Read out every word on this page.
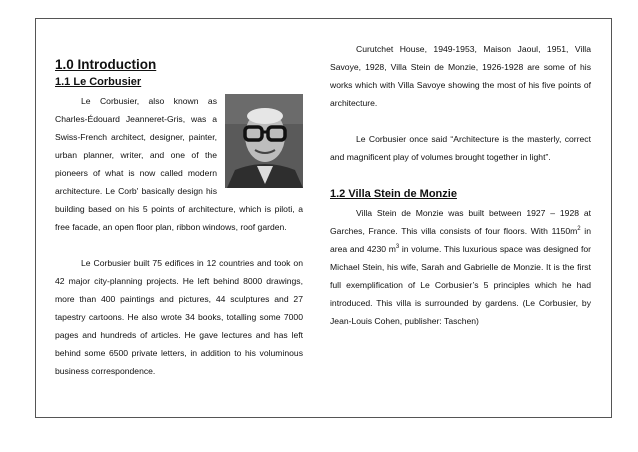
1.0 Introduction
1.1 Le Corbusier

Le Corbusier, also known as Charles-Édouard Jeanneret-Gris, was a Swiss-French architect, designer, painter, urban planner, writer, and one of the pioneers of what is now called modern architecture. Le Corb' basically design his building based on his 5 points of architecture, which is piloti, a free facade, an open floor plan, ribbon windows, roof garden.

Le Corbusier built 75 edifices in 12 countries and took on 42 major city-planning projects. He left behind 8000 drawings, more than 400 paintings and pictures, 44 sculptures and 27 tapestry cartoons. He also wrote 34 books, totalling some 7000 pages and hundreds of articles. He gave lectures and has left behind some 6500 private letters, in addition to his voluminous business correspondence.

Curutchet House, 1949-1953, Maison Jaoul, 1951, Villa Savoye, 1928, Villa Stein de Monzie, 1926-1928 are some of his works which with Villa Savoye showing the most of his five points of architecture.

Le Corbusier once said “Architecture is the masterly, correct and magnificent play of volumes brought together in light”.

1.2 Villa Stein de Monzie

Villa Stein de Monzie was built between 1927 – 1928 at Garches, France. This villa consists of four floors. With $1150m^2$ in area and 4230 $m^3$ in volume. This luxurious space was designed for Michael Stein, his wife, Sarah and Gabrielle de Monzie. It is the first full exemplification of Le Corbusier’s 5 principles which he had introduced. This villa is surrounded by gardens. (Le Corbusier, by Jean-Louis Cohen, publisher: Taschen)
